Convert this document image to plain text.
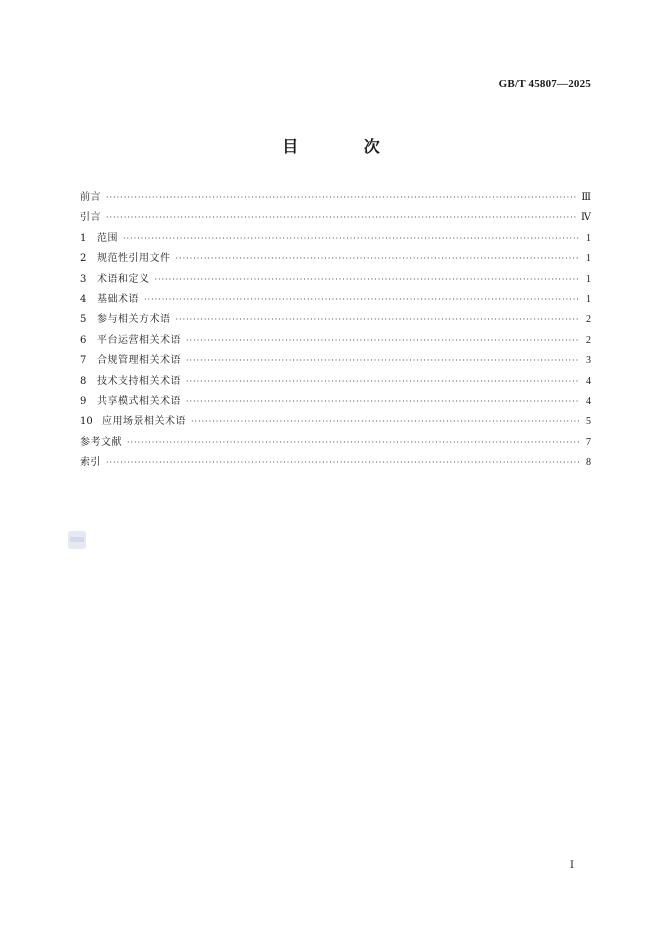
GB/T 45807—2025
目 次
前言 ·····	Ⅲ
引言 ·····	Ⅳ
1	范围 ·····	1
2	规范性引用文件 ·····	1
3	术语和定义 ·····	1
4	基础术语 ·····	1
5	参与相关方术语 ·····	2
6	平台运营相关术语 ·····	2
7	合规管理相关术语 ·····	3
8	技术支持相关术语 ·····	4
9	共享模式相关术语 ·····	4
10 应用场景相关术语 ·····	5
参考文献 ·····	7
索引 ·····	8
Ⅰ
